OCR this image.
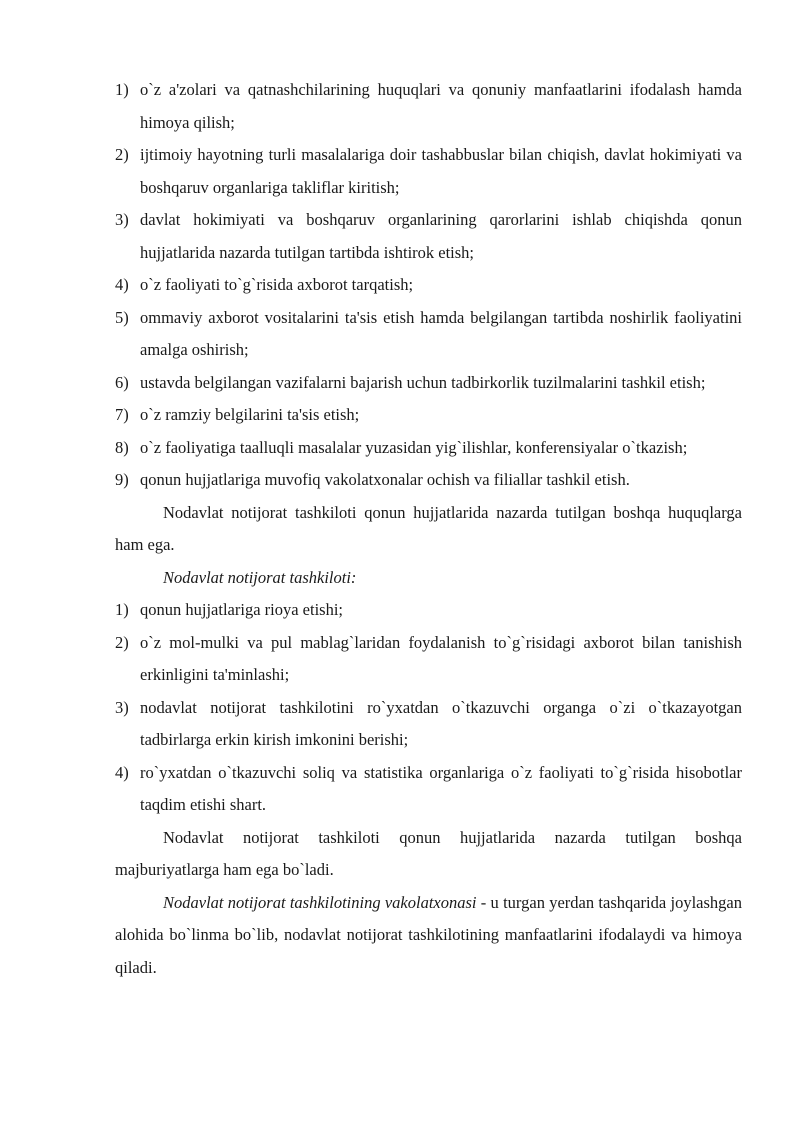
1) o`z a'zolari va qatnashchilarining huquqlari va qonuniy manfaatlarini ifodalash hamda himoya qilish;
2) ijtimoiy hayotning turli masalalariga doir tashabbuslar bilan chiqish, davlat hokimiyati va boshqaruv organlariga takliflar kiritish;
3) davlat hokimiyati va boshqaruv organlarining qarorlarini ishlab chiqishda qonun hujjatlarida nazarda tutilgan tartibda ishtirok etish;
4) o`z faoliyati to`g`risida axborot tarqatish;
5) ommaviy axborot vositalarini ta'sis etish hamda belgilangan tartibda noshirlik faoliyatini amalga oshirish;
6) ustavda belgilangan vazifalarni bajarish uchun tadbirkorlik tuzilmalarini tashkil etish;
7) o`z ramziy belgilarini ta'sis etish;
8) o`z faoliyatiga taalluqli masalalar yuzasidan yig`ilishlar, konferensiyalar o`tkazish;
9) qonun hujjatlariga muvofiq vakolatxonalar ochish va filiallar tashkil etish.

Nodavlat notijorat tashkiloti qonun hujjatlarida nazarda tutilgan boshqa huquqlarga ham ega.

Nodavlat notijorat tashkiloti:

1) qonun hujjatlariga rioya etishi;
2) o`z mol-mulki va pul mablag`laridan foydalanish to`g`risidagi axborot bilan tanishish erkinligini ta'minlashi;
3) nodavlat notijorat tashkilotini ro`yxatdan o`tkazuvchi organga o`zi o`tkazayotgan tadbirlarga erkin kirish imkonini berishi;
4) ro`yxatdan o`tkazuvchi soliq va statistika organlariga o`z faoliyati to`g`risida hisobotlar taqdim etishi shart.

Nodavlat notijorat tashkiloti qonun hujjatlarida nazarda tutilgan boshqa majburiyatlarga ham ega bo`ladi.

Nodavlat notijorat tashkilotining vakolatxonasi - u turgan yerdan tashqarida joylashgan alohida bo`linma bo`lib, nodavlat notijorat tashkilotining manfaatlarini ifodalaydi va himoya qiladi.
